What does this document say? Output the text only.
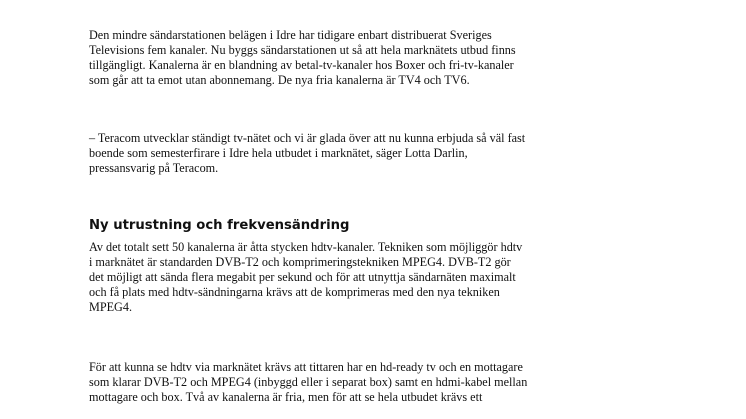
Den mindre sändarstationen belägen i Idre har tidigare enbart distribuerat Sveriges
Televisions fem kanaler. Nu byggs sändarstationen ut så att hela marknätets utbud finns
tillgängligt. Kanalerna är en blandning av betal-tv-kanaler hos Boxer och fri-tv-kanaler
som går att ta emot utan abonnemang. De nya fria kanalerna är TV4 och TV6.

– Teracom utvecklar ständigt tv-nätet och vi är glada över att nu kunna erbjuda så väl fast
boende som semesterfirare i Idre hela utbudet i marknätet, säger Lotta Darlin,
pressansvarig på Teracom.

Ny utrustning och frekvensändring

Av det totalt sett 50 kanalerna är åtta stycken hdtv-kanaler. Tekniken som möjliggör hdtv
i marknätet är standarden DVB-T2 och komprimeringstekniken MPEG4. DVB-T2 gör
det möjligt att sända flera megabit per sekund och för att utnyttja sändarnäten maximalt
och få plats med hdtv-sändningarna krävs att de komprimeras med den nya tekniken
MPEG4.

För att kunna se hdtv via marknätet krävs att tittaren har en hd-ready tv och en mottagare
som klarar DVB-T2 och MPEG4 (inbyggd eller i separat box) samt en hdmi-kabel mellan
mottagare och box. Två av kanalerna är fria, men för att se hela utbudet krävs ett
